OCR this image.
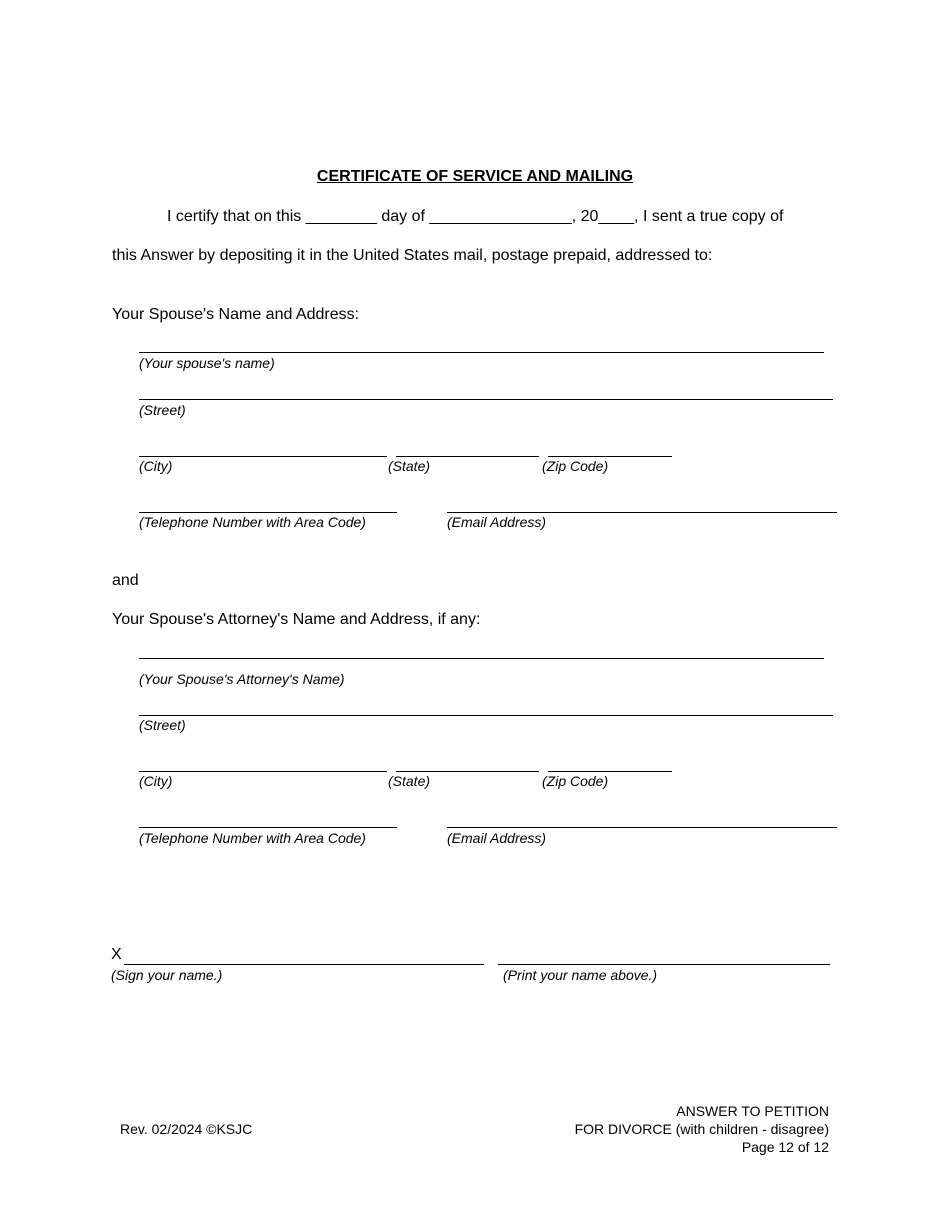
CERTIFICATE OF SERVICE AND MAILING
I certify that on this ________ day of ________________, 20____, I sent a true copy of
this Answer by depositing it in the United States mail, postage prepaid, addressed to:
Your Spouse's Name and Address:
(Your spouse's name)
(Street)
(City)	(State)	(Zip Code)
(Telephone Number with Area Code)	(Email Address)
and
Your Spouse's Attorney's Name and Address, if any:
(Your Spouse's Attorney's Name)
(Street)
(City)	(State)	(Zip Code)
(Telephone Number with Area Code)	(Email Address)
X
(Sign your name.)	(Print your name above.)
Rev. 02/2024 ©KSJC
ANSWER TO PETITION
FOR DIVORCE (with children - disagree)
Page 12 of 12
